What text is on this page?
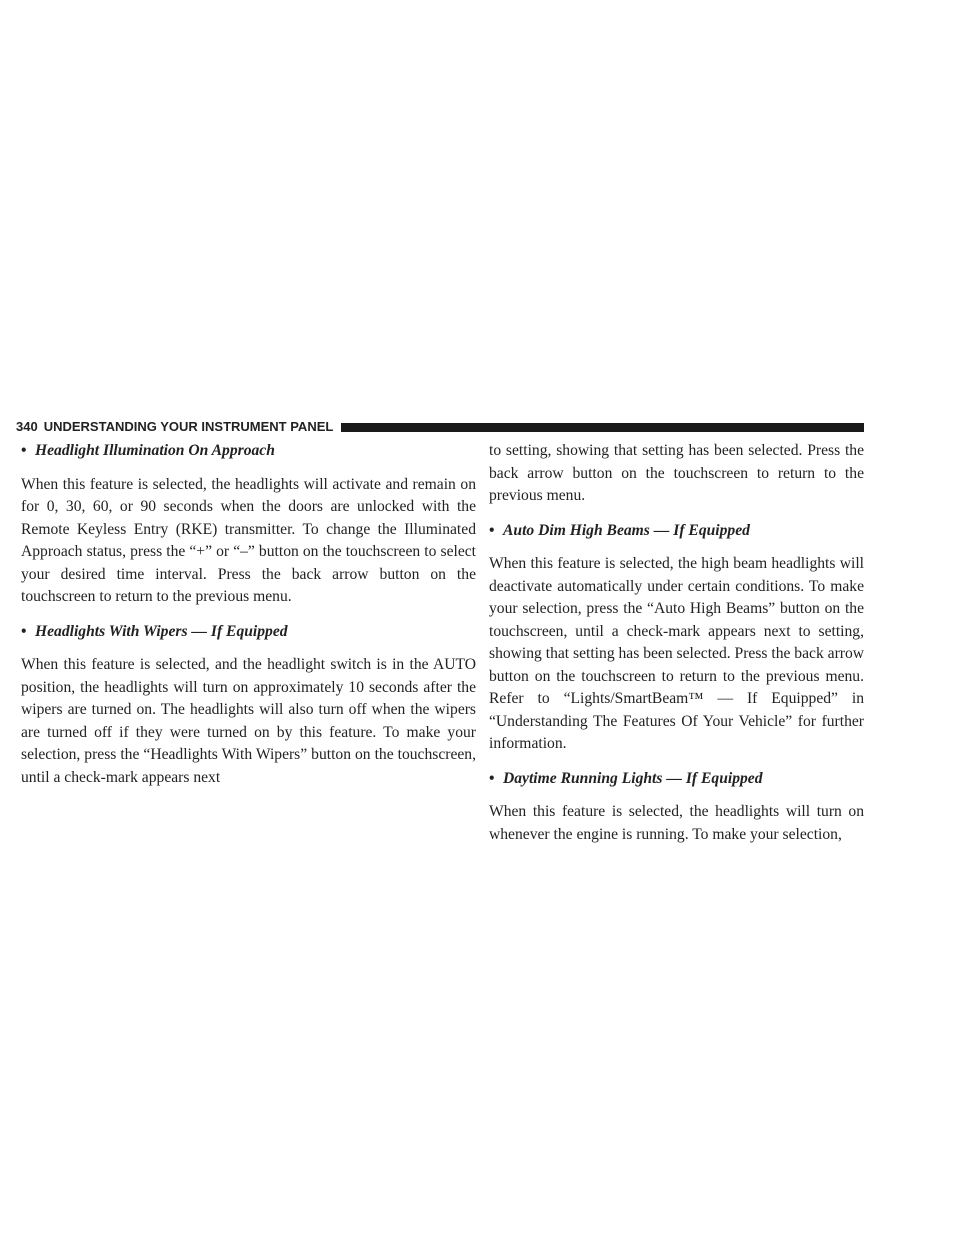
340 UNDERSTANDING YOUR INSTRUMENT PANEL
• Headlight Illumination On Approach

When this feature is selected, the headlights will activate and remain on for 0, 30, 60, or 90 seconds when the doors are unlocked with the Remote Keyless Entry (RKE) transmitter. To change the Illuminated Approach status, press the “+” or “–” button on the touchscreen to select your desired time interval. Press the back arrow button on the touchscreen to return to the previous menu.

• Headlights With Wipers — If Equipped

When this feature is selected, and the headlight switch is in the AUTO position, the headlights will turn on approximately 10 seconds after the wipers are turned on. The headlights will also turn off when the wipers are turned off if they were turned on by this feature. To make your selection, press the “Headlights With Wipers” button on the touchscreen, until a check-mark appears next

to setting, showing that setting has been selected. Press the back arrow button on the touchscreen to return to the previous menu.

• Auto Dim High Beams — If Equipped

When this feature is selected, the high beam headlights will deactivate automatically under certain conditions. To make your selection, press the “Auto High Beams” button on the touchscreen, until a check-mark appears next to setting, showing that setting has been selected. Press the back arrow button on the touchscreen to return to the previous menu. Refer to “Lights/SmartBeam™ — If Equipped” in “Understanding The Features Of Your Vehicle” for further information.

• Daytime Running Lights — If Equipped

When this feature is selected, the headlights will turn on whenever the engine is running. To make your selection,
